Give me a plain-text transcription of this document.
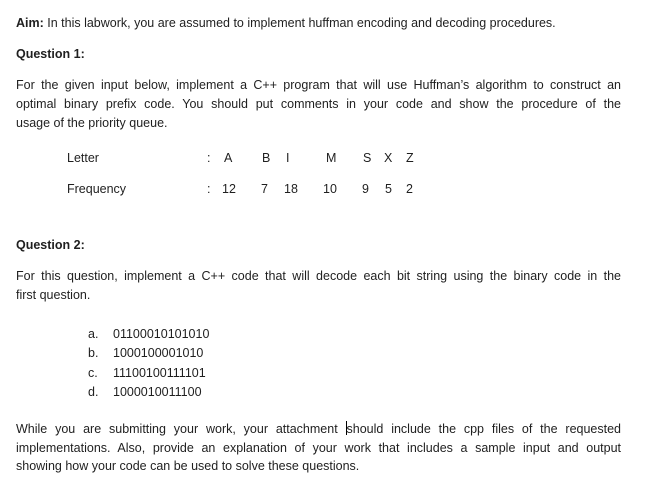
Aim: In this labwork, you are assumed to implement huffman encoding and decoding procedures.
Question 1:
For the given input below, implement a C++ program that will use Huffman’s algorithm to construct an
optimal binary prefix code. You should put comments in your code and show the procedure of the
usage of the priority queue.
Letter	: A B I	M S X Z
Frequency	: 12 7 18 10 9 5 2
Question 2:
For this question, implement a C++ code that will decode each bit string using the binary code in the
first question.
a. 01100010101010
b. 1000100001010
c. 11100100111101
d. 1000010011100
While you are submitting your work, your attachment should include the cpp files of the requested
implementations. Also, provide an explanation of your work that includes a sample input and output
showing how your code can be used to solve these questions.
